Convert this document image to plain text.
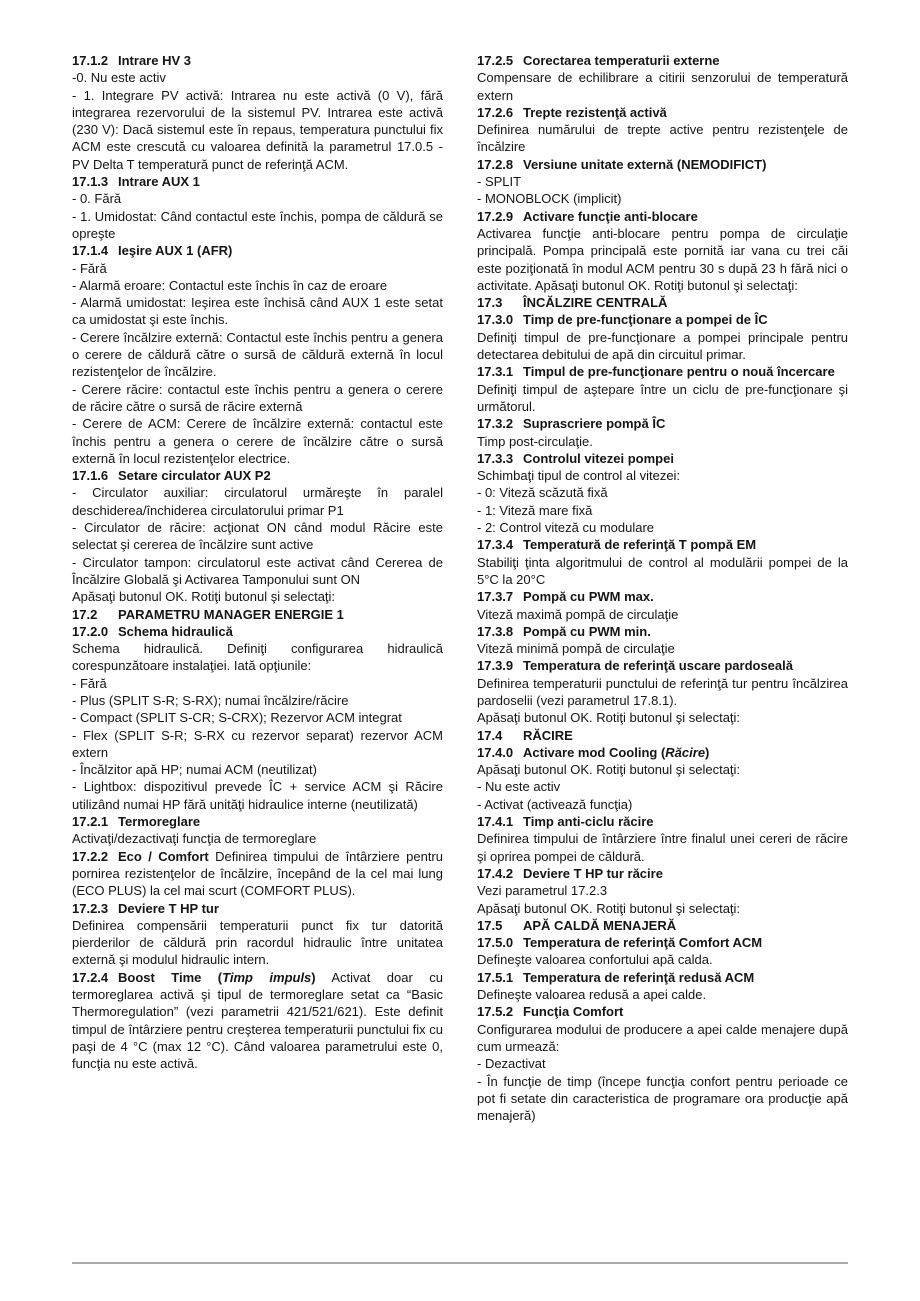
17.1.2 Intrare HV 3

-0. Nu este activ

- 1. Integrare PV activă: Intrarea nu este activă (0 V), fără integrarea rezervorului de la sistemul PV. Intrarea este activă (230 V): Dacă sistemul este în repaus, temperatura punctului fix ACM este crescută cu valoarea definită la parametrul 17.0.5 - PV Delta T temperatură punct de referinţă ACM.

17.1.3 Intrare AUX 1

- 0. Fără

- 1. Umidostat: Când contactul este închis, pompa de căldură se opreşte

17.1.4 Ieşire AUX 1 (AFR)

- Fără

- Alarmă eroare: Contactul este închis în caz de eroare

- Alarmă umidostat: Ieşirea este închisă când AUX 1 este setat ca umidostat şi este închis.

- Cerere încălzire externă: Contactul este închis pentru a genera o cerere de căldură către o sursă de căldură externă în locul rezistenţelor de încălzire.

- Cerere răcire: contactul este închis pentru a genera o cerere de răcire către o sursă de răcire externă

- Cerere de ACM: Cerere de încălzire externă: contactul este închis pentru a genera o cerere de încălzire către o sursă externă în locul rezistenţelor electrice.

17.1.6 Setare circulator AUX P2

- Circulator auxiliar: circulatorul urmăreşte în paralel deschiderea/închiderea circulatorului primar P1

- Circulator de răcire: acţionat ON când modul Răcire este selectat şi cererea de încălzire sunt active

- Circulator tampon: circulatorul este activat când Cererea de Încălzire Globală şi Activarea Tamponului sunt ON

Apăsaţi butonul OK. Rotiţi butonul şi selectaţi:

17.2 PARAMETRU MANAGER ENERGIE 1

17.2.0 Schema hidraulică

Schema hidraulică. Definiţi configurarea hidraulică corespunzătoare instalaţiei. Iată opţiunile:

- Fără

- Plus (SPLIT S-R; S-RX); numai încălzire/răcire

- Compact (SPLIT S-CR; S-CRX); Rezervor ACM integrat

- Flex (SPLIT S-R; S-RX cu rezervor separat) rezervor ACM extern

- Încălzitor apă HP; numai ACM (neutilizat)

- Lightbox: dispozitivul prevede ÎC + service ACM şi Răcire utilizând numai HP fără unităţi hidraulice interne (neutilizată)

17.2.1 Termoreglare

Activaţi/dezactivaţi funcţia de termoreglare

17.2.2 Eco / Comfort Definirea timpului de întârziere pentru pornirea rezistenţelor de încălzire, începând de la cel mai lung (ECO PLUS) la cel mai scurt (COMFORT PLUS).

17.2.3 Deviere T HP tur

Definirea compensării temperaturii punct fix tur datorită pierderilor de căldură prin racordul hidraulic între unitatea externă şi modulul hidraulic intern.

17.2.4 Boost Time (Timp impuls) Activat doar cu termoreglarea activă şi tipul de termoreglare setat ca “Basic Thermoregulation” (vezi parametrii 421/521/621). Este definit timpul de întârziere pentru creşterea temperaturii punctului fix cu paşi de 4 °C (max 12 °C). Când valoarea parametrului este 0, funcţia nu este activă.

17.2.5 Corectarea temperaturii externe

Compensare de echilibrare a citirii senzorului de temperatură extern

17.2.6 Trepte rezistenţă activă

Definirea numărului de trepte active pentru rezistenţele de încălzire

17.2.8 Versiune unitate externă (NEMODIFICT)

- SPLIT

- MONOBLOCK (implicit)

17.2.9 Activare funcţie anti-blocare

Activarea funcţie anti-blocare pentru pompa de circulaţie principală. Pompa principală este pornită iar vana cu trei căi este poziţionată în modul ACM pentru 30 s după 23 h fără nici o activitate. Apăsaţi butonul OK. Rotiţi butonul şi selectaţi:

17.3 ÎNCĂLZIRE CENTRALĂ

17.3.0 Timp de pre-funcţionare a pompei de ÎC

Definiţi timpul de pre-funcţionare a pompei principale pentru detectarea debitului de apă din circuitul primar.

17.3.1 Timpul de pre-funcţionare pentru o nouă încercare

Definiţi timpul de aştepare între un ciclu de pre-funcţionare şi următorul.

17.3.2 Suprascriere pompă ÎC

Timp post-circulaţie.

17.3.3 Controlul vitezei pompei

Schimbaţi tipul de control al vitezei:

- 0: Viteză scăzută fixă

- 1: Viteză mare fixă

- 2: Control viteză cu modulare

17.3.4 Temperatură de referinţă T pompă EM

Stabiliţi ţinta algoritmului de control al modulării pompei de la 5°C la 20°C

17.3.7 Pompă cu PWM max.

Viteză maximă pompă de circulaţie

17.3.8 Pompă cu PWM min.

Viteză minimă pompă de circulaţie

17.3.9 Temperatura de referinţă uscare pardoseală

Definirea temperaturii punctului de referinţă tur pentru încălzirea pardoselii (vezi parametrul 17.8.1).

Apăsaţi butonul OK. Rotiţi butonul şi selectaţi:

17.4 RĂCIRE

17.4.0 Activare mod Cooling (Răcire)

Apăsaţi butonul OK. Rotiţi butonul şi selectaţi:

- Nu este activ

- Activat (activează funcţia)

17.4.1 Timp anti-ciclu răcire

Definirea timpului de întârziere între finalul unei cereri de răcire şi oprirea pompei de căldură.

17.4.2 Deviere T HP tur răcire

Vezi parametrul 17.2.3

Apăsaţi butonul OK. Rotiţi butonul şi selectaţi:

17.5 APĂ CALDĂ MENAJERĂ

17.5.0 Temperatura de referinţă Comfort ACM

Defineşte valoarea confortului apă calda.

17.5.1 Temperatura de referinţă redusă ACM

Defineşte valoarea redusă a apei calde.

17.5.2 Funcţia Comfort

Configurarea modului de producere a apei calde menajere după cum urmează:

- Dezactivat

- În funcţie de timp (începe funcţia confort pentru perioade ce pot fi setate din caracteristica de programare ora producţie apă menajeră)
